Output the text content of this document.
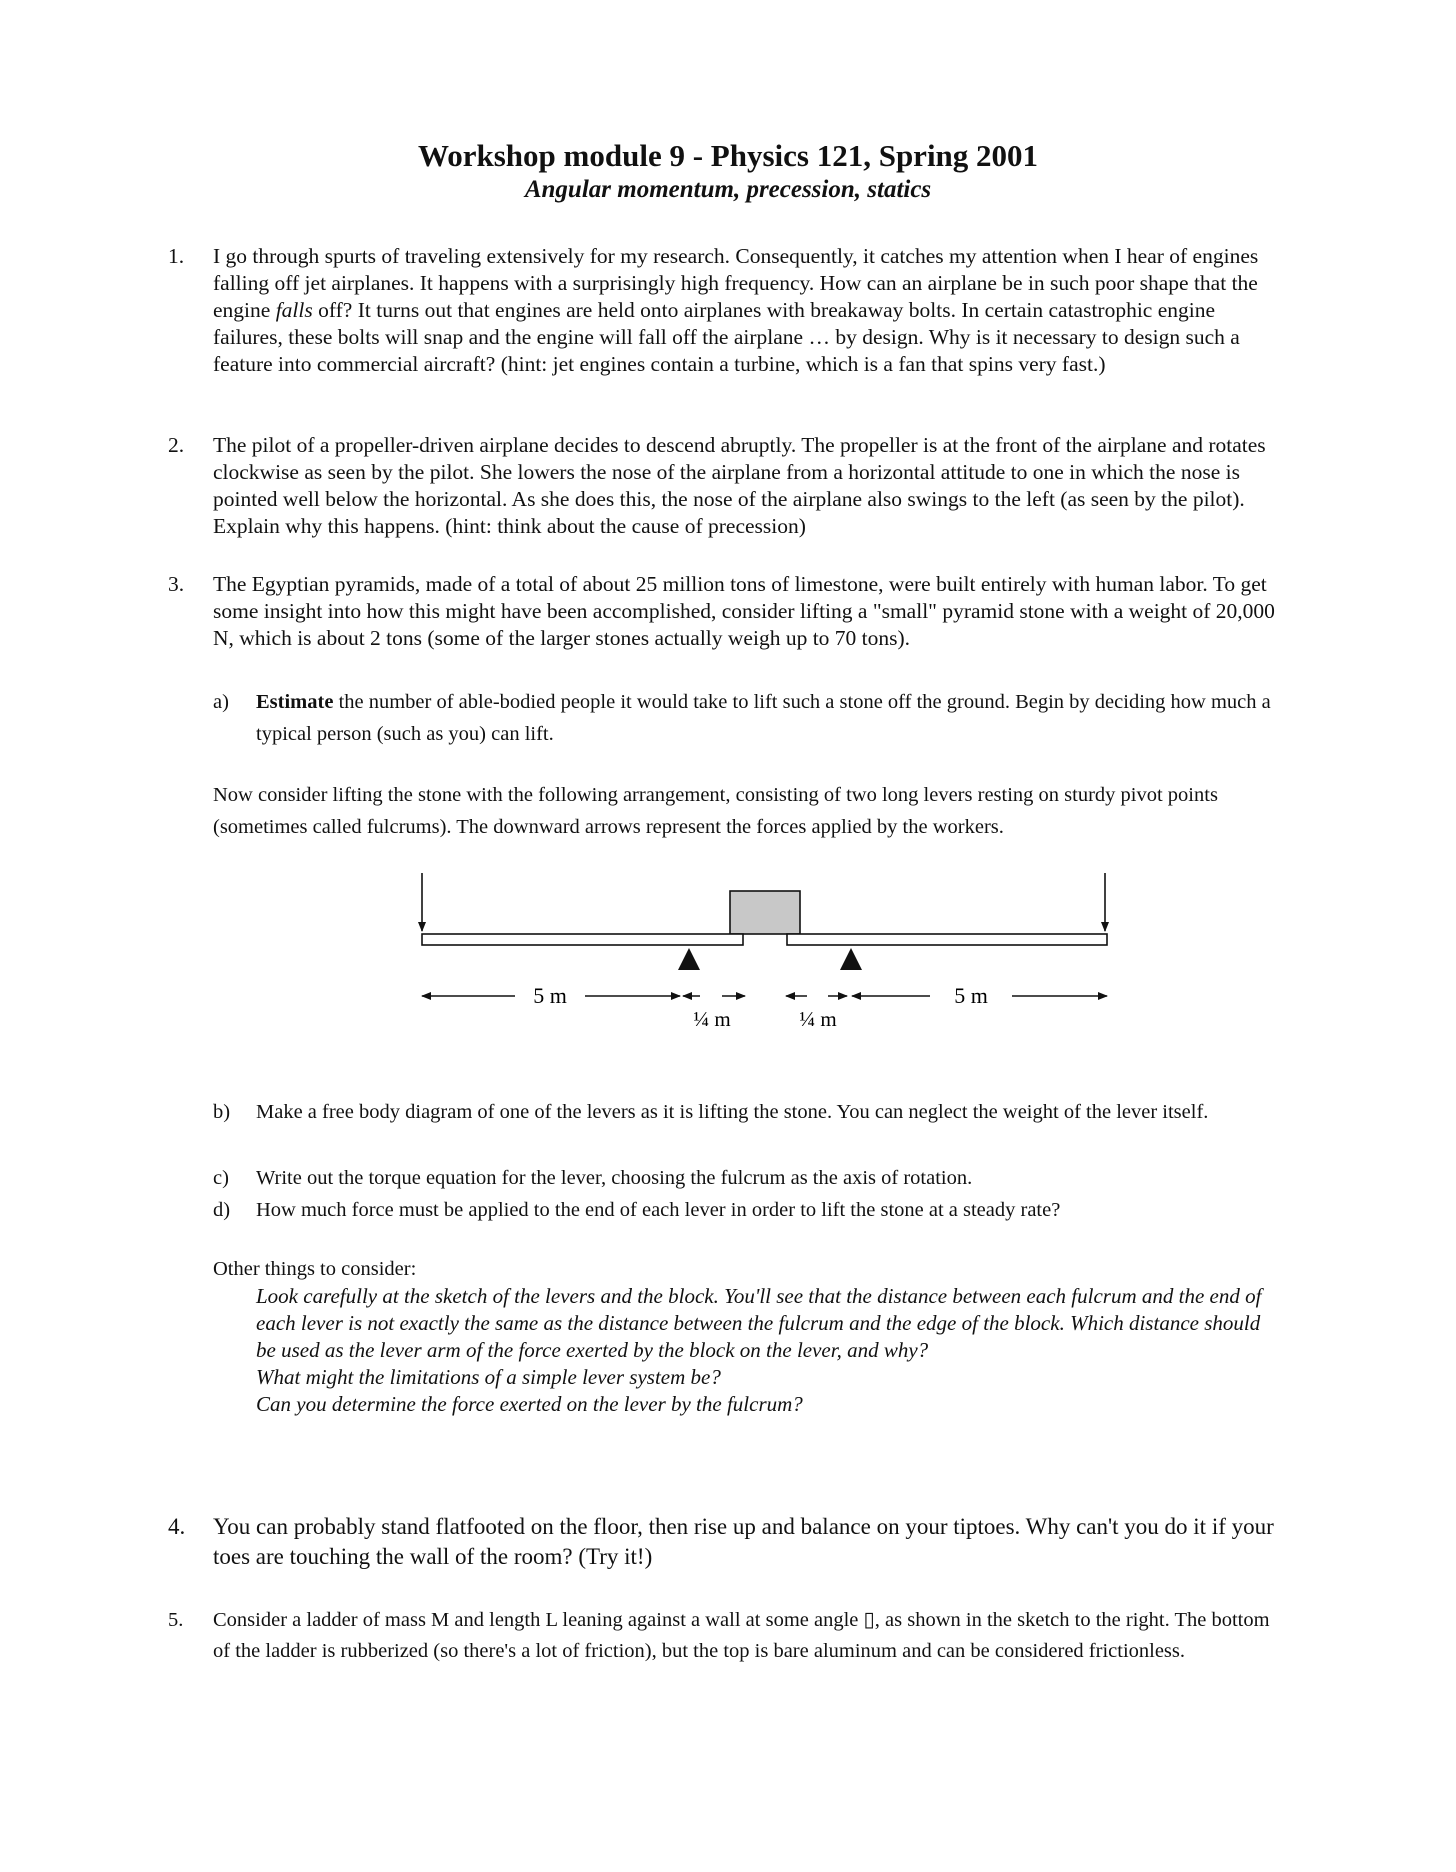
Workshop module 9 - Physics 121, Spring 2001
Angular momentum, precession, statics
1. I go through spurts of traveling extensively for my research. Consequently, it catches my attention when I hear of engines falling off jet airplanes. It happens with a surprisingly high frequency. How can an airplane be in such poor shape that the engine falls off? It turns out that engines are held onto airplanes with breakaway bolts. In certain catastrophic engine failures, these bolts will snap and the engine will fall off the airplane … by design. Why is it necessary to design such a feature into commercial aircraft? (hint: jet engines contain a turbine, which is a fan that spins very fast.)
2. The pilot of a propeller-driven airplane decides to descend abruptly. The propeller is at the front of the airplane and rotates clockwise as seen by the pilot. She lowers the nose of the airplane from a horizontal attitude to one in which the nose is pointed well below the horizontal. As she does this, the nose of the airplane also swings to the left (as seen by the pilot). Explain why this happens. (hint: think about the cause of precession)
3. The Egyptian pyramids, made of a total of about 25 million tons of limestone, were built entirely with human labor. To get some insight into how this might have been accomplished, consider lifting a "small" pyramid stone with a weight of 20,000 N, which is about 2 tons (some of the larger stones actually weigh up to 70 tons).
a) Estimate the number of able-bodied people it would take to lift such a stone off the ground. Begin by deciding how much a typical person (such as you) can lift.
Now consider lifting the stone with the following arrangement, consisting of two long levers resting on sturdy pivot points (sometimes called fulcrums). The downward arrows represent the forces applied by the workers.
5 m
¼ m	¼ m
5 m
b) Make a free body diagram of one of the levers as it is lifting the stone. You can neglect the weight of the lever itself.
c) Write out the torque equation for the lever, choosing the fulcrum as the axis of rotation.
d) How much force must be applied to the end of each lever in order to lift the stone at a steady rate?
Other things to consider:
Look carefully at the sketch of the levers and the block. You'll see that the distance between each fulcrum and the end of each lever is not exactly the same as the distance between the fulcrum and the edge of the block. Which distance should be used as the lever arm of the force exerted by the block on the lever, and why?
What might the limitations of a simple lever system be?
Can you determine the force exerted on the lever by the fulcrum?
4. You can probably stand flatfooted on the floor, then rise up and balance on your tiptoes. Why can't you do it if your toes are touching the wall of the room? (Try it!)
5. Consider a ladder of mass M and length L leaning against a wall at some angle ▯, as shown in the sketch to the right. The bottom of the ladder is rubberized (so there's a lot of friction), but the top is bare aluminum and can be considered frictionless.
